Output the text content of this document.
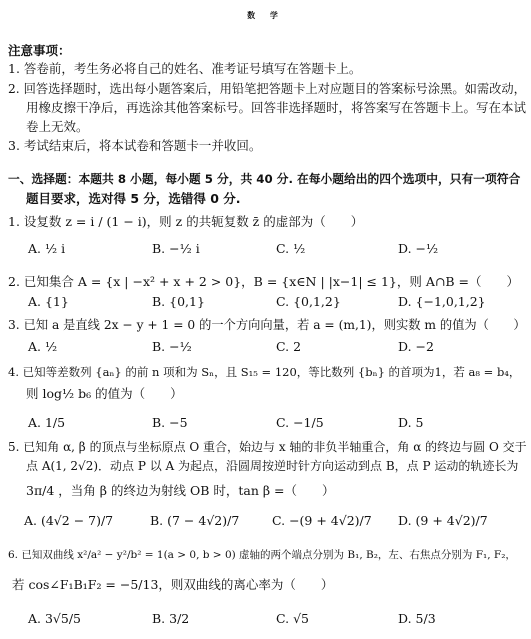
数 学
注意事项：
1. 答卷前，考生务必将自己的姓名、准考证号填写在答题卡上。
2. 回答选择题时，选出每小题答案后，用铅笔把答题卡上对应题目的答案标号涂黑。如需改动，
用橡皮擦干净后，再选涂其他答案标号。回答非选择题时，将答案写在答题卡上。写在本试
卷上无效。
3. 考试结束后，将本试卷和答题卡一并收回。
一、选择题：本题共 8 小题，每小题 5 分，共 40 分. 在每小题给出的四个选项中，只有一项符合
题目要求，选对得 5 分，选错得 0 分.
1. 设复数 z = i / (1 − i)，则 z 的共轭复数 z̄ 的虚部为（　　）
A. ½ i	B. −½ i	C. ½	D. −½
2. 已知集合 A = {x | −x² + x + 2 > 0}，B = {x∈N | |x−1| ≤ 1}，则 A∩B =（　　）
A. {1}	B. {0,1}	C. {0,1,2}	D. {−1,0,1,2}
3. 已知 a 是直线 2x − y + 1 = 0 的一个方向向量，若 a = (m,1)，则实数 m 的值为（　　）
A. ½	B. −½	C. 2	D. −2
4. 已知等差数列 {aₙ} 的前 n 项和为 Sₙ，且 S₁₅ = 120，等比数列 {bₙ} 的首项为1，若 a₈ = b₄，
则 log½ b₆ 的值为（　　）
A. 1/5	B. −5	C. −1/5	D. 5
5. 已知角 α, β 的顶点与坐标原点 O 重合，始边与 x 轴的非负半轴重合，角 α 的终边与圆 O 交于
点 A(1, 2√2)．动点 P 以 A 为起点，沿圆周按逆时针方向运动到点 B，点 P 运动的轨迹长为
3π/4 ，当角 β 的终边为射线 OB 时，tan β =（　　）
A. (4√2 − 7)/7	B. (7 − 4√2)/7	C. −(9 + 4√2)/7 D. (9 + 4√2)/7
6. 已知双曲线 x²/a² − y²/b² = 1(a > 0, b > 0) 虚轴的两个端点分别为 B₁, B₂，左、右焦点分别为 F₁, F₂，
若 cos∠F₁B₁F₂ = −5/13，则双曲线的离心率为（　　）
A. 3√5/5	B. 3/2	C. √5	D. 5/3
